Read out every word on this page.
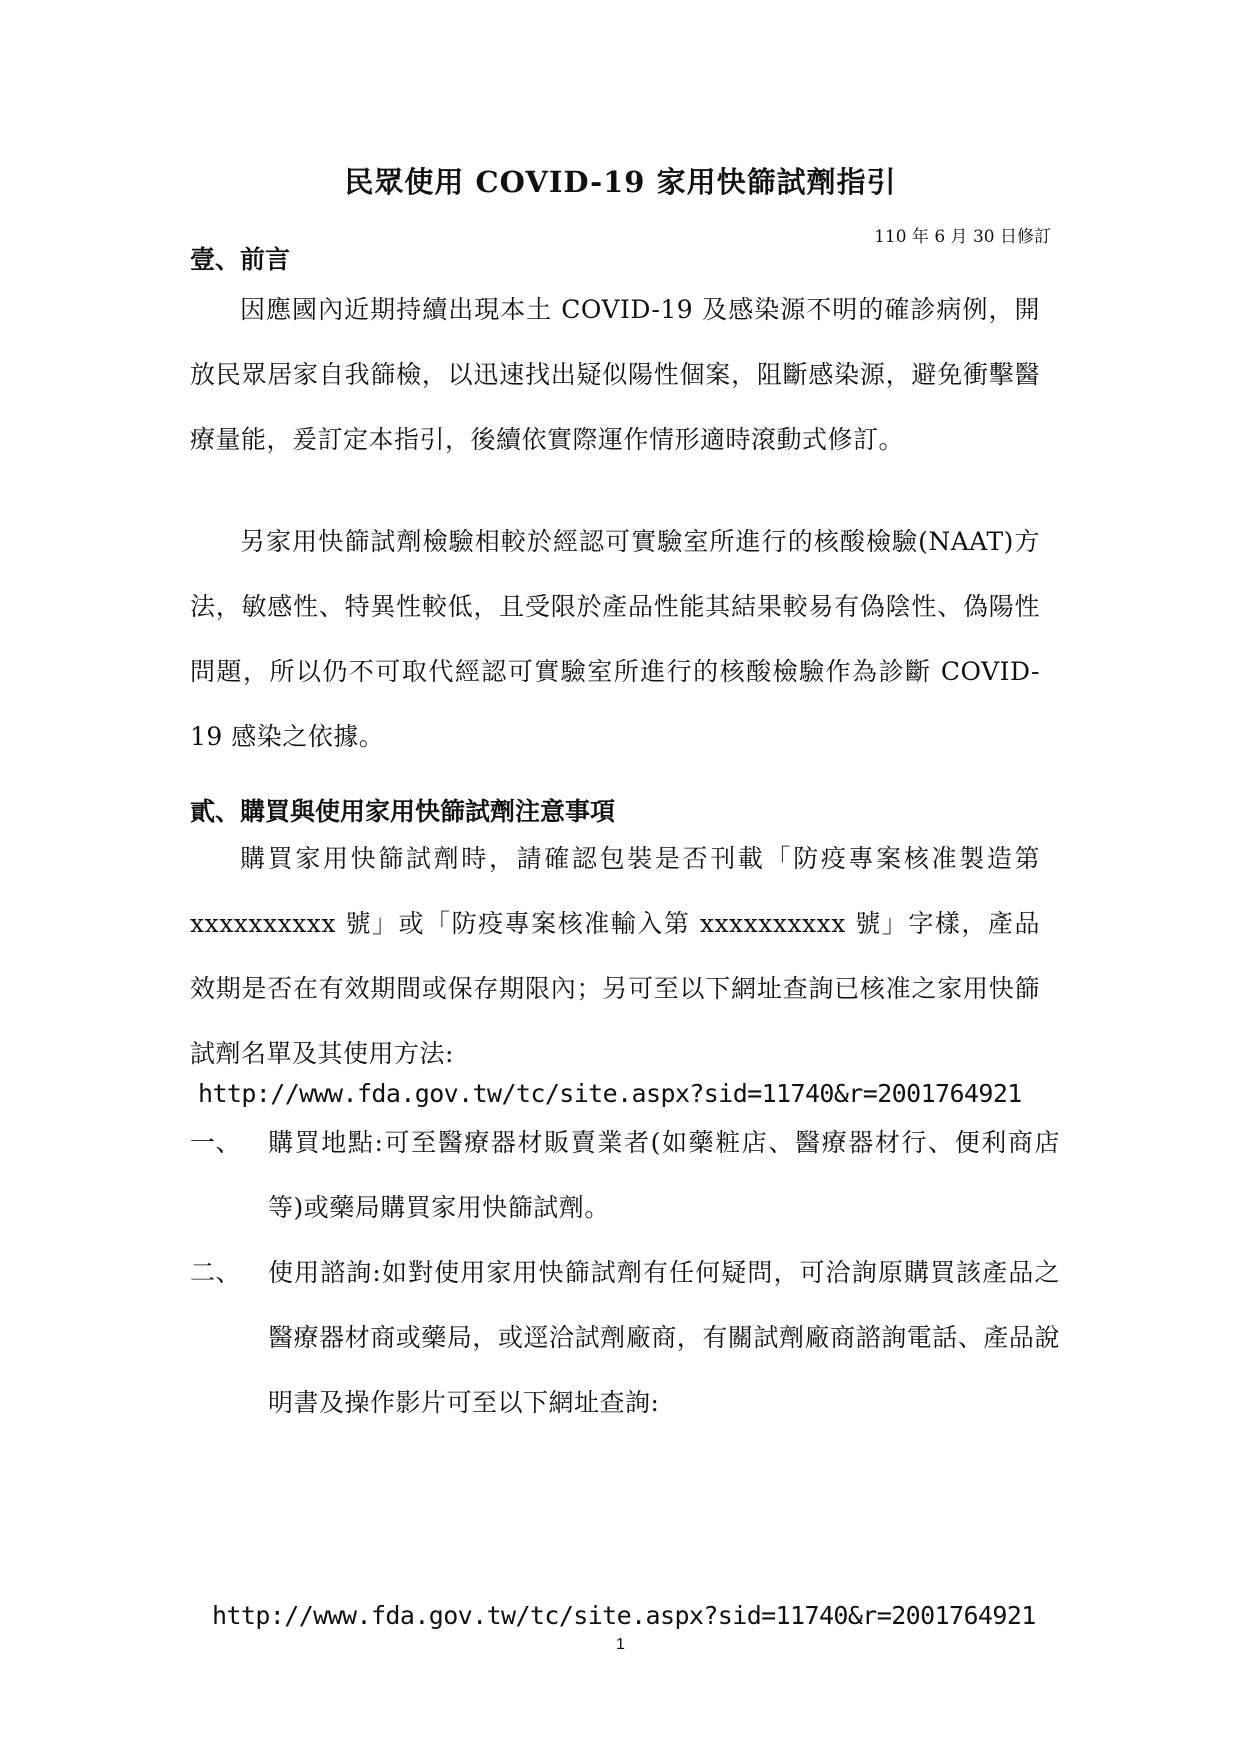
民眾使用 COVID-19 家用快篩試劑指引
110 年 6 月 30 日修訂
壹、前言
因應國內近期持續出現本土 COVID-19 及感染源不明的確診病例，開放民眾居家自我篩檢，以迅速找出疑似陽性個案，阻斷感染源，避免衝擊醫療量能，爰訂定本指引，後續依實際運作情形適時滾動式修訂。
另家用快篩試劑檢驗相較於經認可實驗室所進行的核酸檢驗(NAAT)方法，敏感性、特異性較低，且受限於產品性能其結果較易有偽陰性、偽陽性問題，所以仍不可取代經認可實驗室所進行的核酸檢驗作為診斷 COVID-19 感染之依據。
貳、購買與使用家用快篩試劑注意事項
購買家用快篩試劑時，請確認包裝是否刊載「防疫專案核准製造第 xxxxxxxxxx 號」或「防疫專案核准輸入第 xxxxxxxxxx 號」字樣，產品效期是否在有效期間或保存期限內；另可至以下網址查詢已核准之家用快篩試劑名單及其使用方法:
http://www.fda.gov.tw/tc/site.aspx?sid=11740&r=2001764921
一、 購買地點:可至醫療器材販賣業者(如藥粧店、醫療器材行、便利商店等)或藥局購買家用快篩試劑。
二、 使用諮詢:如對使用家用快篩試劑有任何疑問，可洽詢原購買該產品之醫療器材商或藥局，或逕洽試劑廠商，有關試劑廠商諮詢電話、產品說明書及操作影片可至以下網址查詢:
http://www.fda.gov.tw/tc/site.aspx?sid=11740&r=2001764921
1
